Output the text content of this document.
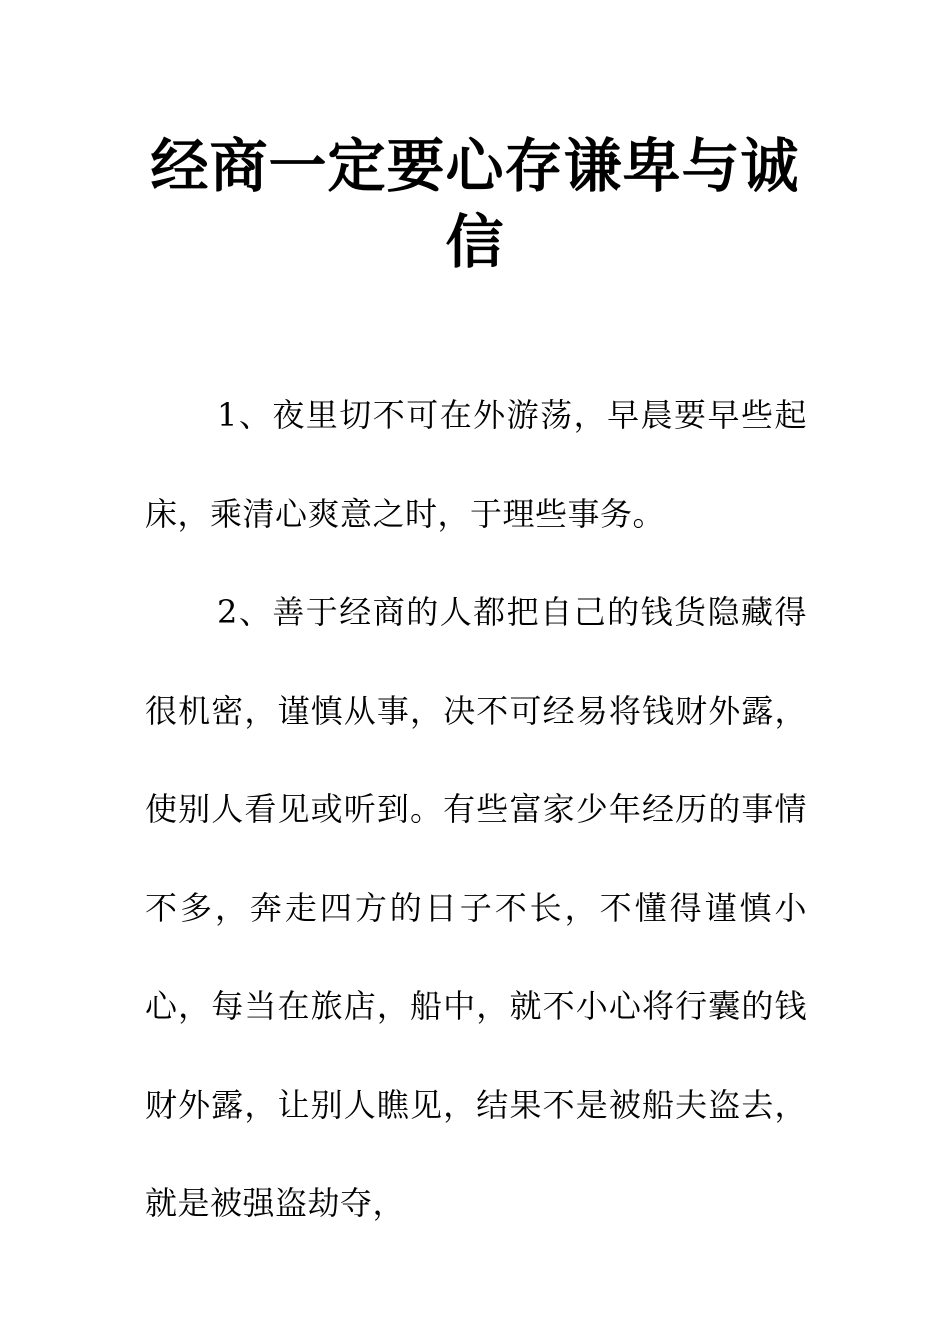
经商一定要心存谦卑与诚信

1、夜里切不可在外游荡，早晨要早些起床，乘清心爽意之时，于理些事务。

2、善于经商的人都把自己的钱货隐藏得很机密，谨慎从事，决不可经易将钱财外露，使别人看见或听到。有些富家少年经历的事情不多，奔走四方的日子不长，不懂得谨慎小心，每当在旅店，船中，就不小心将行囊的钱财外露，让别人瞧见，结果不是被船夫盗去，就是被强盗劫夺，
